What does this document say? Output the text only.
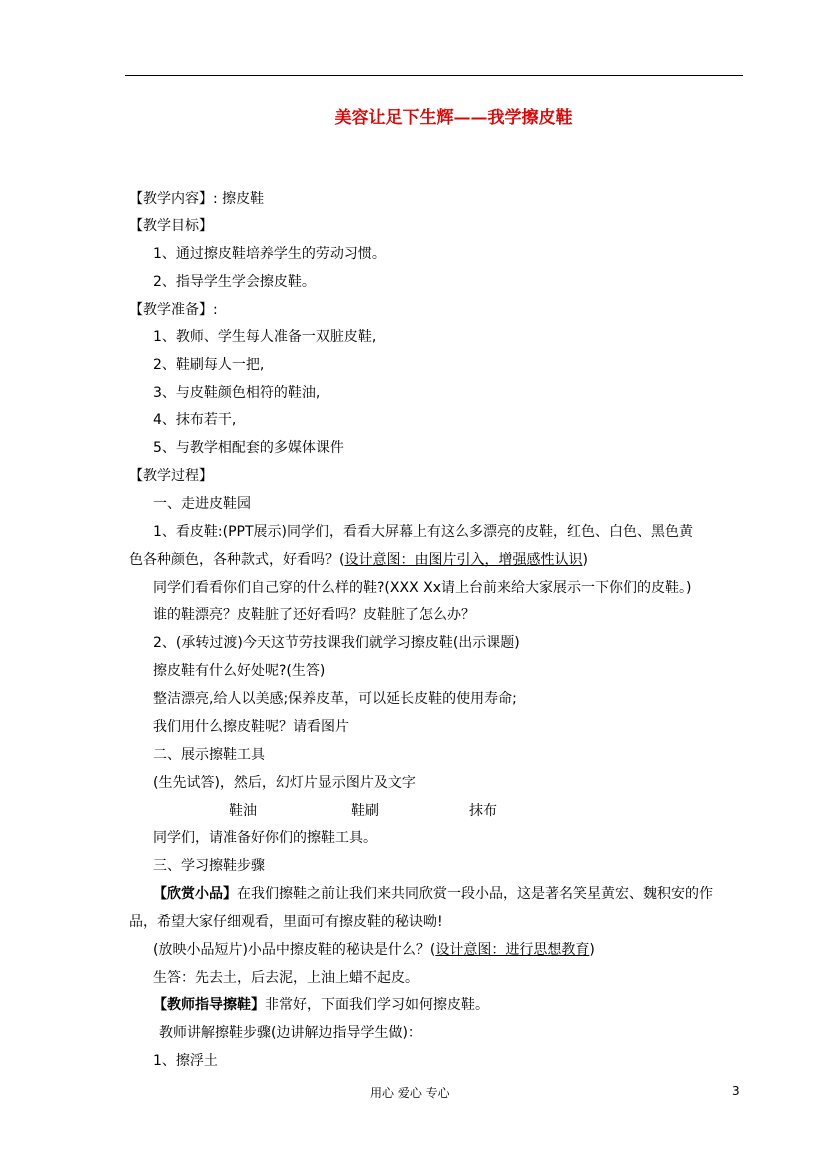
美容让足下生辉——我学擦皮鞋
【教学内容】: 擦皮鞋
【教学目标】
1、通过擦皮鞋培养学生的劳动习惯。
2、指导学生学会擦皮鞋。
【教学准备】:
1、教师、学生每人准备一双脏皮鞋,
2、鞋刷每人一把,
3、与皮鞋颜色相符的鞋油,
4、抹布若干,
5、与教学相配套的多媒体课件
【教学过程】
一、走进皮鞋园
1、看皮鞋:(PPT展示)同学们，看看大屏幕上有这么多漂亮的皮鞋，红色、白色、黑色黄
色各种颜色，各种款式，好看吗？(设计意图：由图片引入，增强感性认识)
同学们看看你们自己穿的什么样的鞋?(XXX Xx请上台前来给大家展示一下你们的皮鞋。)
谁的鞋漂亮？皮鞋脏了还好看吗？皮鞋脏了怎么办？
2、(承转过渡)今天这节劳技课我们就学习擦皮鞋(出示课题)
擦皮鞋有什么好处呢?(生答)
整洁漂亮,给人以美感;保养皮革，可以延长皮鞋的使用寿命;
我们用什么擦皮鞋呢？请看图片
二、展示擦鞋工具
(生先试答)，然后，幻灯片显示图片及文字
鞋油	鞋刷	抹布
同学们，请准备好你们的擦鞋工具。
三、学习擦鞋步骤
【欣赏小品】在我们擦鞋之前让我们来共同欣赏一段小品，这是著名笑星黄宏、魏积安的作
品，希望大家仔细观看，里面可有擦皮鞋的秘诀呦!
(放映小品短片)小品中擦皮鞋的秘诀是什么？(设计意图：进行思想教育)
生答：先去土，后去泥，上油上蜡不起皮。
【教师指导擦鞋】非常好，下面我们学习如何擦皮鞋。
教师讲解擦鞋步骤(边讲解边指导学生做)：
1、擦浮土
用心 爱心 专心	3
